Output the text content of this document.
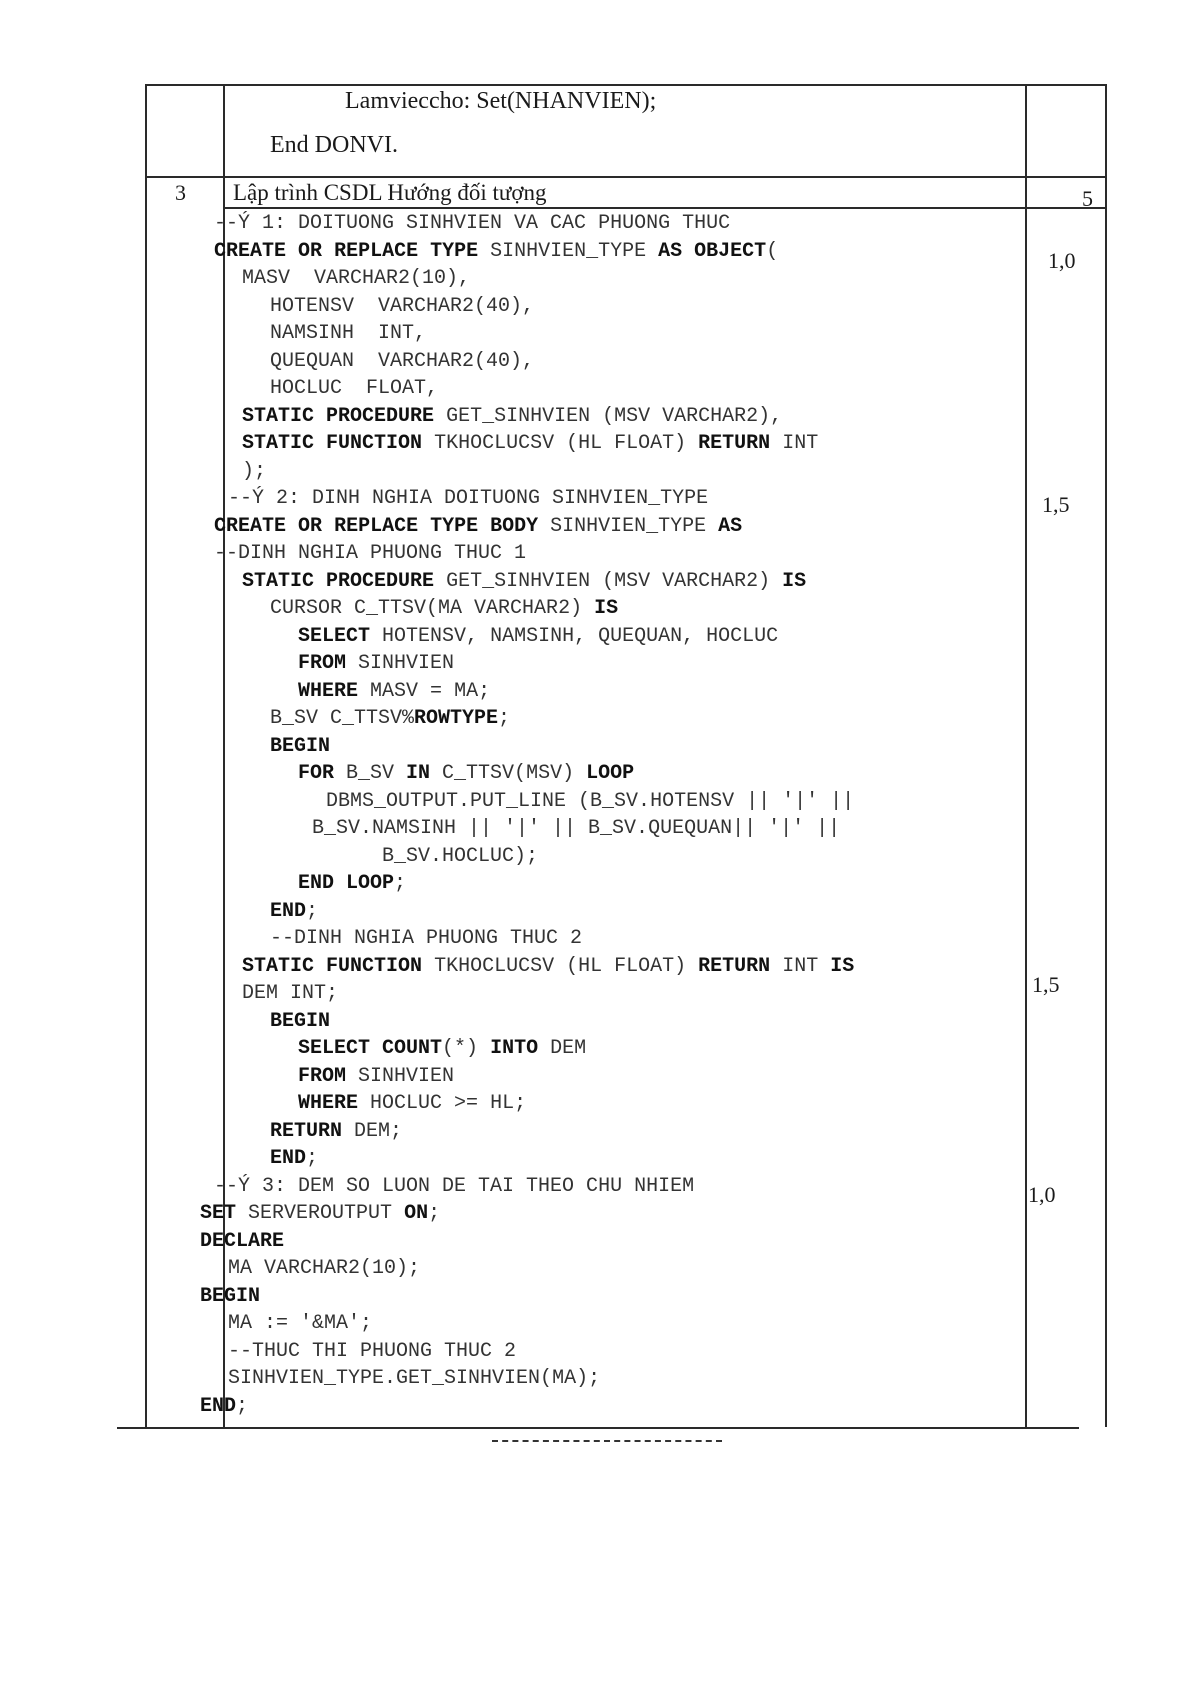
Lamvieccho: Set(NHANVIEN);
End DONVI.
3 Lập trình CSDL Hướng đối tượng	5
--Ý 1: DOITUONG SINHVIEN VA CAC PHUONG THUC
CREATE OR REPLACE TYPE SINHVIEN_TYPE AS OBJECT(
MASV  VARCHAR2(10),
HOTENSV  VARCHAR2(40),
NAMSINH INT,
QUEQUAN  VARCHAR2(40),
HOCLUC FLOAT,
STATIC PROCEDURE GET_SINHVIEN (MSV VARCHAR2),
STATIC FUNCTION TKHOCLUCSV (HL FLOAT) RETURN INT
);
--Ý 2: DINH NGHIA DOITUONG SINHVIEN_TYPE
CREATE OR REPLACE TYPE BODY SINHVIEN_TYPE AS
--DINH NGHIA PHUONG THUC 1
STATIC PROCEDURE GET_SINHVIEN (MSV VARCHAR2) IS
CURSOR C_TTSV(MA VARCHAR2) IS
SELECT HOTENSV, NAMSINH, QUEQUAN, HOCLUC
FROM SINHVIEN
WHERE MASV = MA;
B_SV C_TTSV%ROWTYPE;
BEGIN
FOR B_SV IN C_TTSV(MSV) LOOP
DBMS_OUTPUT.PUT_LINE (B_SV.HOTENSV || '|' ||
B_SV.NAMSINH || '|' || B_SV.QUEQUAN|| '|' ||
B_SV.HOCLUC);
END LOOP;
END;
--DINH NGHIA PHUONG THUC 2
STATIC FUNCTION TKHOCLUCSV (HL FLOAT) RETURN INT IS
DEM INT;
BEGIN
SELECT COUNT(*) INTO DEM
FROM SINHVIEN
WHERE HOCLUC >= HL;
RETURN DEM;
END;
--Ý 3: DEM SO LUON DE TAI THEO CHU NHIEM
SET SERVEROUTPUT ON;
DECLARE
MA VARCHAR2(10);
BEGIN
MA := '&MA';
--THUC THI PHUONG THUC 2
SINHVIEN_TYPE.GET_SINHVIEN(MA);
END;
1,0
1,5
1,5
1,0
